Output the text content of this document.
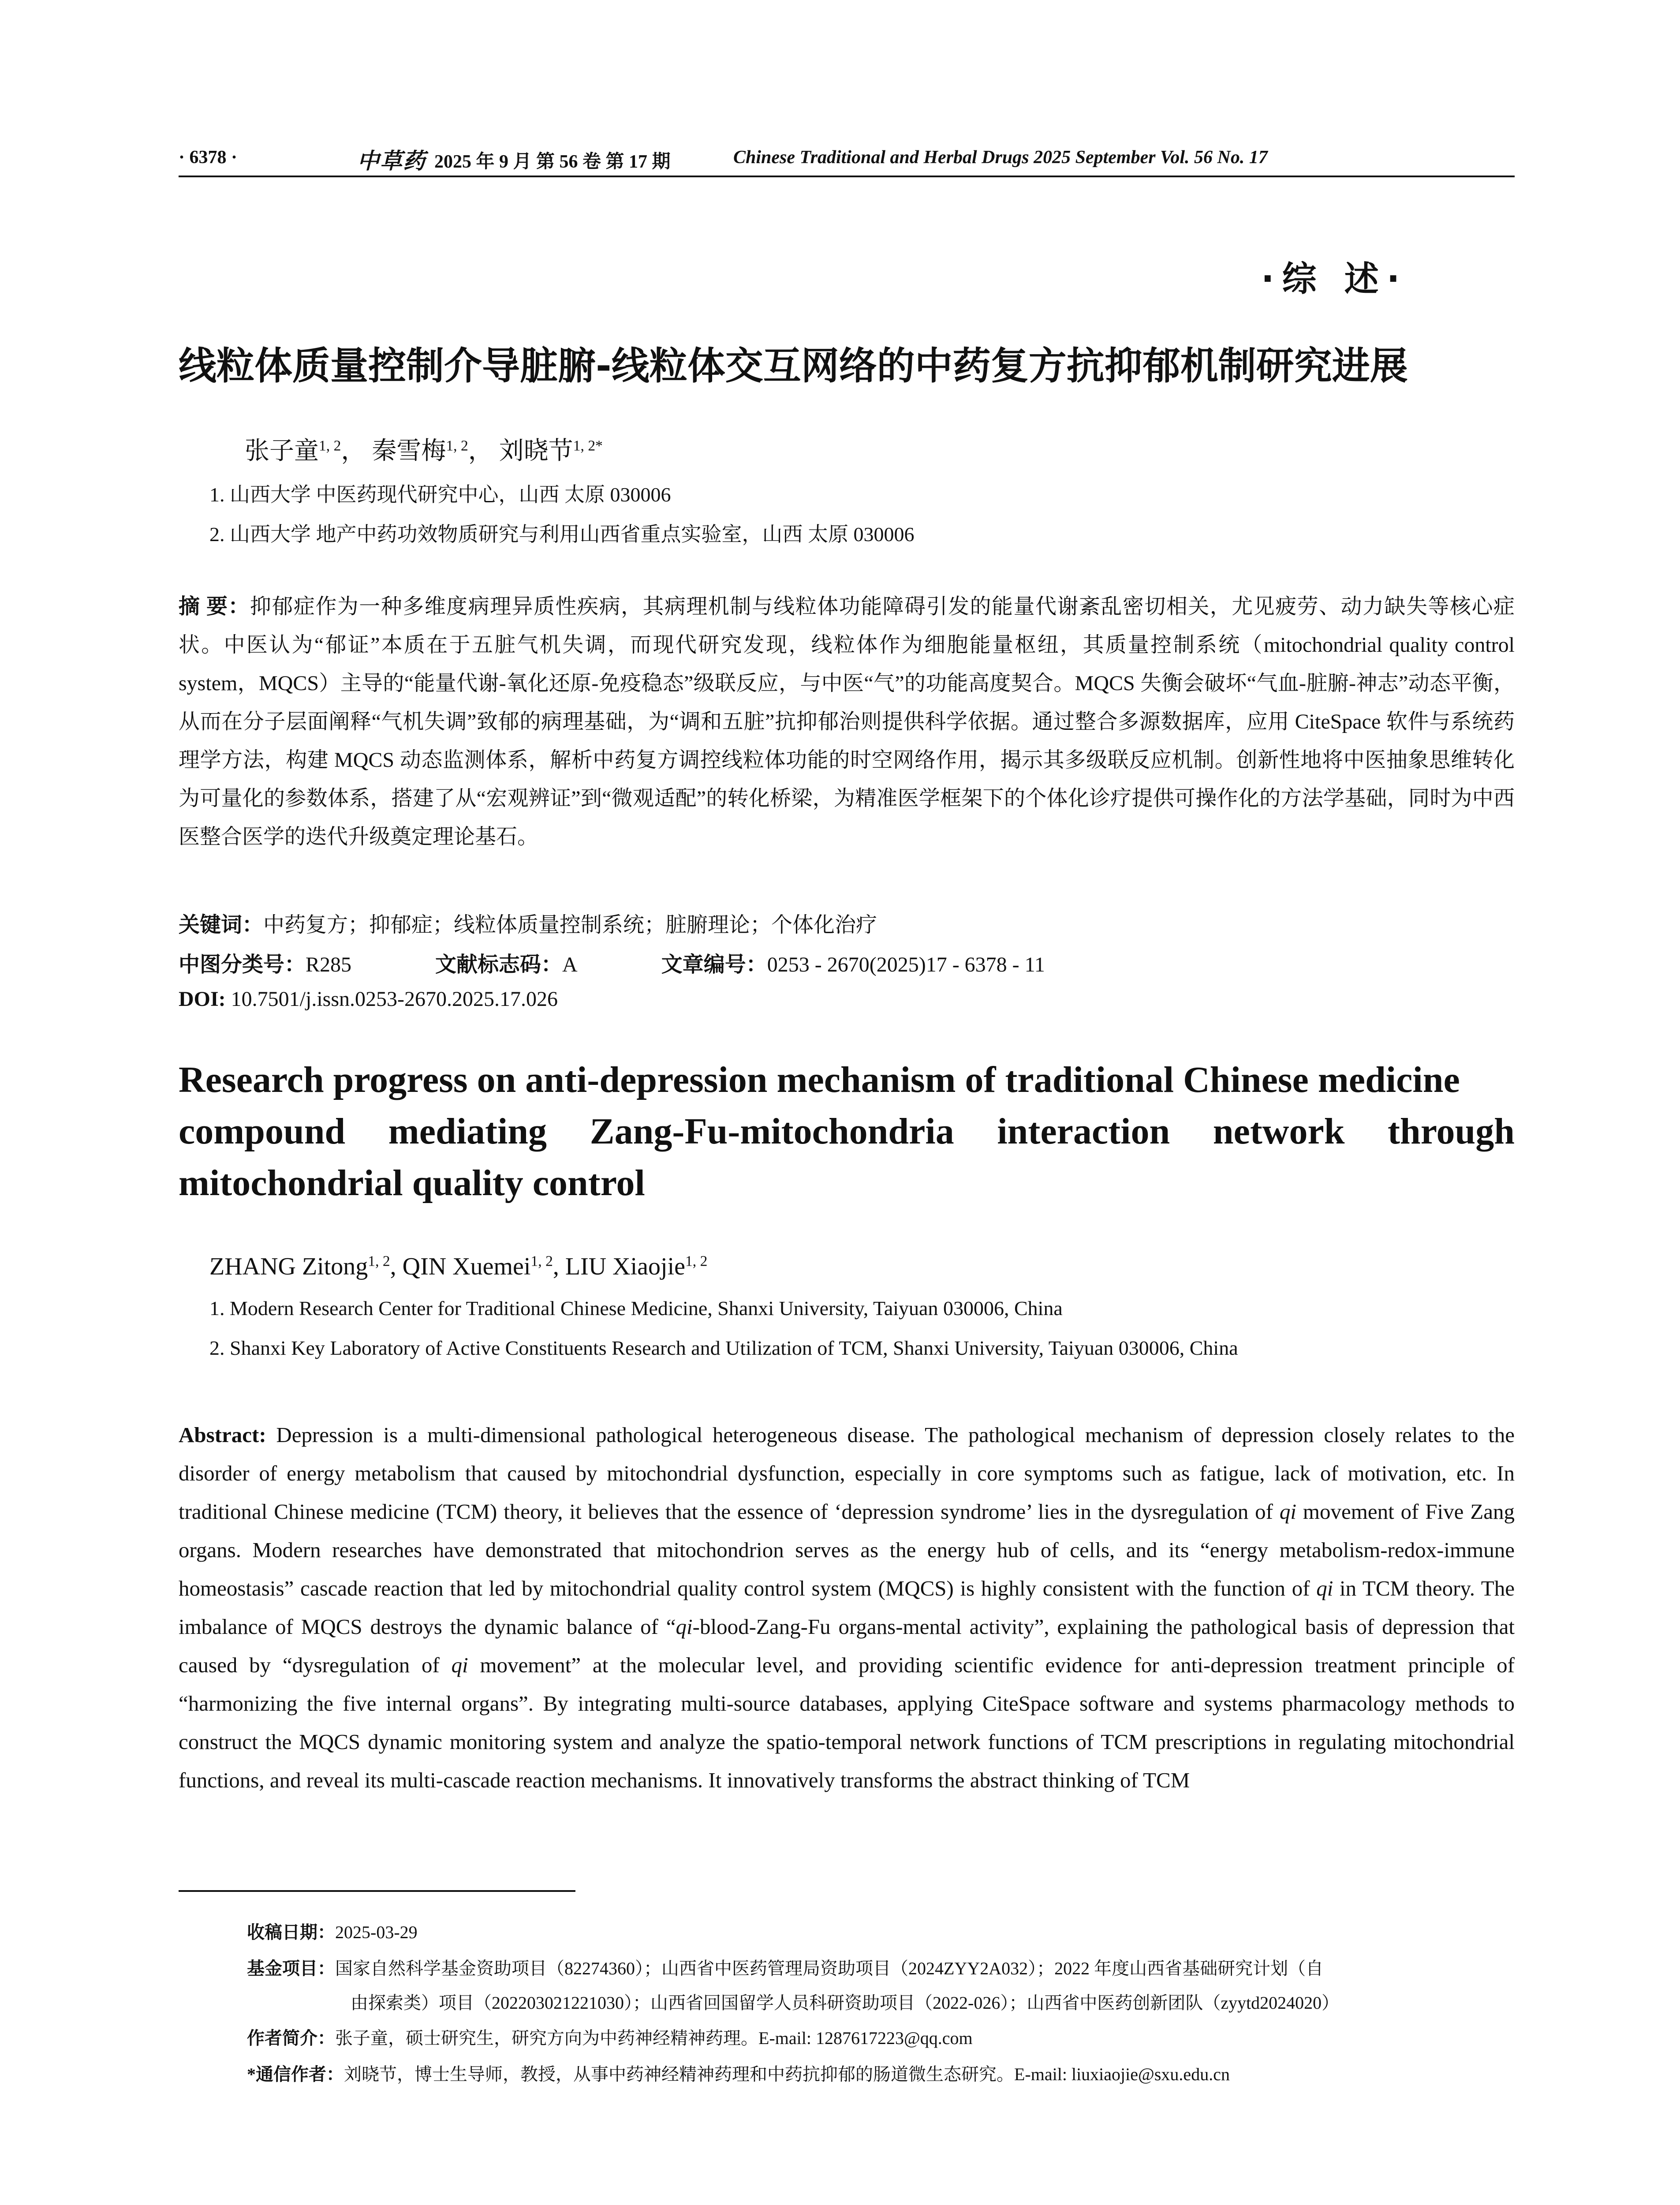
· 6378 ·	中草药 2025 年 9 月 第 56 卷 第 17 期	Chinese Traditional and Herbal Drugs 2025 September Vol. 56 No. 17
·综 述·
线粒体质量控制介导脏腑-线粒体交互网络的中药复方抗抑郁机制研究进展
张子童$^{1, 2}$， 秦雪梅$^{1, 2}$， 刘晓节$^{1, 2*}$
1. 山西大学 中医药现代研究中心，山西 太原 030006
2. 山西大学 地产中药功效物质研究与利用山西省重点实验室，山西 太原 030006
摘 要：抑郁症作为一种多维度病理异质性疾病，其病理机制与线粒体功能障碍引发的能量代谢紊乱密切相关，尤见疲劳、动力缺失等核心症状。中医认为“郁证”本质在于五脏气机失调，而现代研究发现，线粒体作为细胞能量枢纽，其质量控制系统（mitochondrial quality control system，MQCS）主导的“能量代谢-氧化还原-免疫稳态”级联反应，与中医“气”的功能高度契合。MQCS 失衡会破坏“气血-脏腑-神志”动态平衡，从而在分子层面阐释“气机失调”致郁的病理基础，为“调和五脏”抗抑郁治则提供科学依据。通过整合多源数据库，应用 CiteSpace 软件与系统药理学方法，构建 MQCS 动态监测体系，解析中药复方调控线粒体功能的时空网络作用，揭示其多级联反应机制。创新性地将中医抽象思维转化为可量化的参数体系，搭建了从“宏观辨证”到“微观适配”的转化桥梁，为精准医学框架下的个体化诊疗提供可操作化的方法学基础，同时为中西医整合医学的迭代升级奠定理论基石。
关键词：中药复方；抑郁症；线粒体质量控制系统；脏腑理论；个体化治疗
中图分类号：R285	文献标志码：A	文章编号：0253 - 2670(2025)17 - 6378 - 11
DOI: 10.7501/j.issn.0253-2670.2025.17.026
Research progress on anti-depression mechanism of traditional Chinese medicine
compound mediating Zang-Fu-mitochondria interaction network through
mitochondrial quality control
ZHANG Zitong$^{1, 2}$, QIN Xuemei$^{1, 2}$, LIU Xiaojie$^{1, 2}$
1. Modern Research Center for Traditional Chinese Medicine, Shanxi University, Taiyuan 030006, China
2. Shanxi Key Laboratory of Active Constituents Research and Utilization of TCM, Shanxi University, Taiyuan 030006, China
Abstract: Depression is a multi-dimensional pathological heterogeneous disease. The pathological mechanism of depression closely relates to the disorder of energy metabolism that caused by mitochondrial dysfunction, especially in core symptoms such as fatigue, lack of motivation, etc. In traditional Chinese medicine (TCM) theory, it believes that the essence of ‘depression syndrome’ lies in the dysregulation of qi movement of Five Zang organs. Modern researches have demonstrated that mitochondrion serves as the energy hub of cells, and its “energy metabolism-redox-immune homeostasis” cascade reaction that led by mitochondrial quality control system (MQCS) is highly consistent with the function of qi in TCM theory. The imbalance of MQCS destroys the dynamic balance of “qi-blood-Zang-Fu organs-mental activity”, explaining the pathological basis of depression that caused by “dysregulation of qi movement” at the molecular level, and providing scientific evidence for anti-depression treatment principle of “harmonizing the five internal organs”. By integrating multi-source databases, applying CiteSpace software and systems pharmacology methods to construct the MQCS dynamic monitoring system and analyze the spatio-temporal network functions of TCM prescriptions in regulating mitochondrial functions, and reveal its multi-cascade reaction mechanisms. It innovatively transforms the abstract thinking of TCM
收稿日期：2025-03-29
基金项目：国家自然科学基金资助项目（82274360）；山西省中医药管理局资助项目（2024ZYY2A032）；2022 年度山西省基础研究计划（自
由探索类）项目（202203021221030）；山西省回国留学人员科研资助项目（2022-026）；山西省中医药创新团队（zyytd2024020）
作者简介：张子童，硕士研究生，研究方向为中药神经精神药理。E-mail: 1287617223@qq.com
*通信作者：刘晓节，博士生导师，教授，从事中药神经精神药理和中药抗抑郁的肠道微生态研究。E-mail: liuxiaojie@sxu.edu.cn
